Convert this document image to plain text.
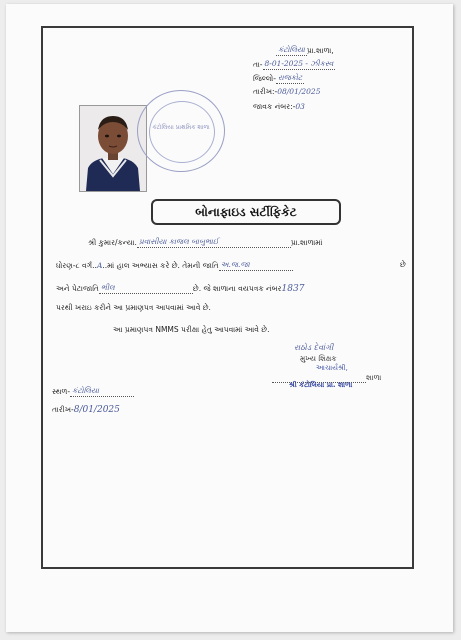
કંટોલિયા પ્રા.શાળા,
તા- 8-01-2025 - ઝીકસ્વ
જિલ્લો- રાજકોટ
તારીખ:-08/01/2025
જાવક નંબર:-03
કંટોલિયા પ્રાથમિક શાળા
બોનાફાઇડ સર્ટીફિકેટ
શ્રી કુમાર/કન્યા. પ્રવાસીયા કાજલ બાબુભાઈ	પ્રા.શાળામાં
ધોરણ-૮ વર્ગ..A..માં હાલ અભ્યાસ કરે છે. તેમની જાતિ અ.જ.જા	છે
અને પેટાજાતિ ભીલ	છે. જે શાળાના વયપત્રક નંબર1837
પરથી ખરાઇ કરીને આ પ્રમાણપત્ર આપવામાં આવે છે.
આ પ્રમાણપત્ર NMMS પરીક્ષા હેતુ આપવામાં આવે છે.
રાઠોડ દેવાંગી
મુખ્ય શિક્ષક
આચાર્યશ્રી,
શાળા
શ્રી કંટોલિયા પ્રા. શાળા
સ્થળ- કંટોલિયા
તારીખ-8/01/2025
